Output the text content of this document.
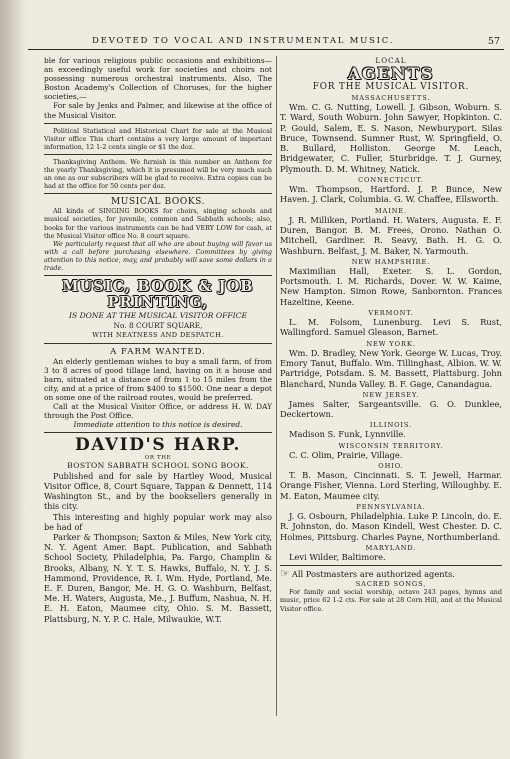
DEVOTED TO VOCAL AND INSTRUMENTAL MUSIC.	57

ble for various religious public occasions and exhibitions—an exceedingly useful work for societies and choirs not possessing numerous orchestral instruments. Also, The Boston Academy's Collection of Choruses, for the higher societies,—

For sale by Jenks and Palmer, and likewise at the office of the Musical Visitor.

Political Statistical and Historical Chart for sale at the Musical Visitor office This chart contains a very large amount of important information, 12 1-2 cents single or $1 the doz.

Thanksgiving Anthem. We furnish in this number an Anthem for the yearly Thanksgiving, which it is presumed will be very much such an one as our subscribers will be glad to receive. Extra copies can be had at the office for 50 cents per doz.

MUSICAL BOOKS.

All kinds of SINGING BOOKS for choirs, singing schools and musical societies, for juvenile, common and Sabbath schools; also, books for the various instruments can be had VERY LOW for cash, at the Musical Visitor office No. 8 court square.

We particularly request that all who are about buying will favor us with a call before purchasing elsewhere. Committees by giving attention to this notice, may, and probably will save some dollars in a trade.

MUSIC, BOOK & JOB
PRINTING,
IS DONE AT THE MUSICAL VISITOR OFFICE
No. 8 COURT SQUARE,
WITH NEATNESS AND DESPATCH.
A FARM WANTED.

An elderly gentleman wishes to buy a small farm, of from 3 to 8 acres of good tillage land, having on it a house and barn, situated at a distance of from 1 to 15 miles from the city, and at a price of from $400 to $1500. One near a depot on some one of the railroad routes, would be preferred.

Call at the Musical Visitor Office, or address H. W. DAY through the Post Office.

Immediate attention to this notice is desired.

DAVID'S HARP.
OR THE
BOSTON SABBATH SCHOOL SONG BOOK.

Published and for sale by Hartley Wood, Musical Visitor Office, 8, Court Square, Tappan & Dennett, 114 Washington St., and by the booksellers generally in this city.

This interesting and highly popular work may also be had of

Parker & Thompson; Saxton & Miles, New York city, N. Y. Agent Amer. Bapt. Publication, and Sabbath School Society, Philadelphia, Pa. Fargo, Champlin & Brooks, Albany, N. Y. T. S. Hawks, Buffalo, N. Y. J. S. Hammond, Providence, R. I. Wm. Hyde, Portland, Me. E. F. Duren, Bangor, Me. H. G. O. Washburn, Belfast, Me. H. Waters, Augusta, Me., J. Buffum, Nashua, N. H. E. H. Eaton, Maumee city, Ohio. S. M. Bassett, Plattsburg, N. Y. P. C. Hale, Milwaukie, W.T.

LOCAL
AGENTS
FOR THE MUSICAL VISITOR.
MASSACHUSETTS.

Wm. C. G. Nutting, Lowell. J. Gibson, Woburn. S. T. Ward, South Woburn. John Sawyer, Hopkinton. C. P. Gould, Salem, E. S. Nason, Newburyport. Silas Bruce, Townsend. Sumner Rust, W. Springfield, O. B. Bullard, Holliston. George M. Leach, Bridgewater, C. Fuller, Sturbridge. T. J. Gurney, Plymouth. D. M. Whitney, Natick.

CONNECTICUT.

Wm. Thompson, Hartford. J. P. Bunce, New Haven. J. Clark, Columbia. G. W. Chaffee, Ellsworth.

MAINE.

J. R. Milliken, Portland. H. Waters, Augusta. E. F. Duren, Bangor. B. M. Frees, Orono. Nathan O. Mitchell, Gardiner. R. Seavy, Bath. H. G. O. Washburn. Belfast, J. M. Baker, N. Yarmouth.

NEW HAMPSHIRE.

Maximilian Hall, Exeter. S. L. Gordon, Portsmouth. I. M. Richards, Dover. W. W. Kaime, New Hampton. Simon Rowe, Sanbornton. Frances Hazeltine, Keene.

VERMONT.

L. M. Folsom, Lunenburg. Levi S. Rust, Wallingford. Samuel Gleason, Barnet.

NEW YORK.

Wm. D. Bradley, New York. George W. Lucas, Troy. Emory Tanut, Buffalo. Wm. Tillinghast, Albion. W. W. Partridge, Potsdam. S. M. Bassett, Plattsburg. John Blanchard, Nunda Valley. B. F. Gage, Canandagua.

NEW JERSEY.

James Salter, Sargeantsville. G. O. Dunklee, Deckertown.

ILLINOIS.

Madison S. Funk, Lynnville.

WISCONSIN TERRITORY.

C. C. Olim, Prairie, Village.

OHIO.

T. B. Mason, Cincinnati. S. T. Jewell, Harmar. Orange Fisher, Vienna. Lord Sterling, Willoughby. E. M. Eaton, Maumee city.

PENNSYLVANIA.

J. G. Osbourn, Philadelphia. Luke P. Lincoln, do. E. R. Johnston, do. Mason Kindell, West Chester. D. C. Holmes, Pittsburg. Charles Payne, Northumberland.

MARYLAND.

Levi Wilder, Baltimore.

☞ All Postmasters are authorized agents.

SACRED SONGS,

For family and social worship, octavo 243 pages, hymns and music, price 62 1-2 cts. For sale at 28 Corn Hill, and at the Musical Visitor office.
